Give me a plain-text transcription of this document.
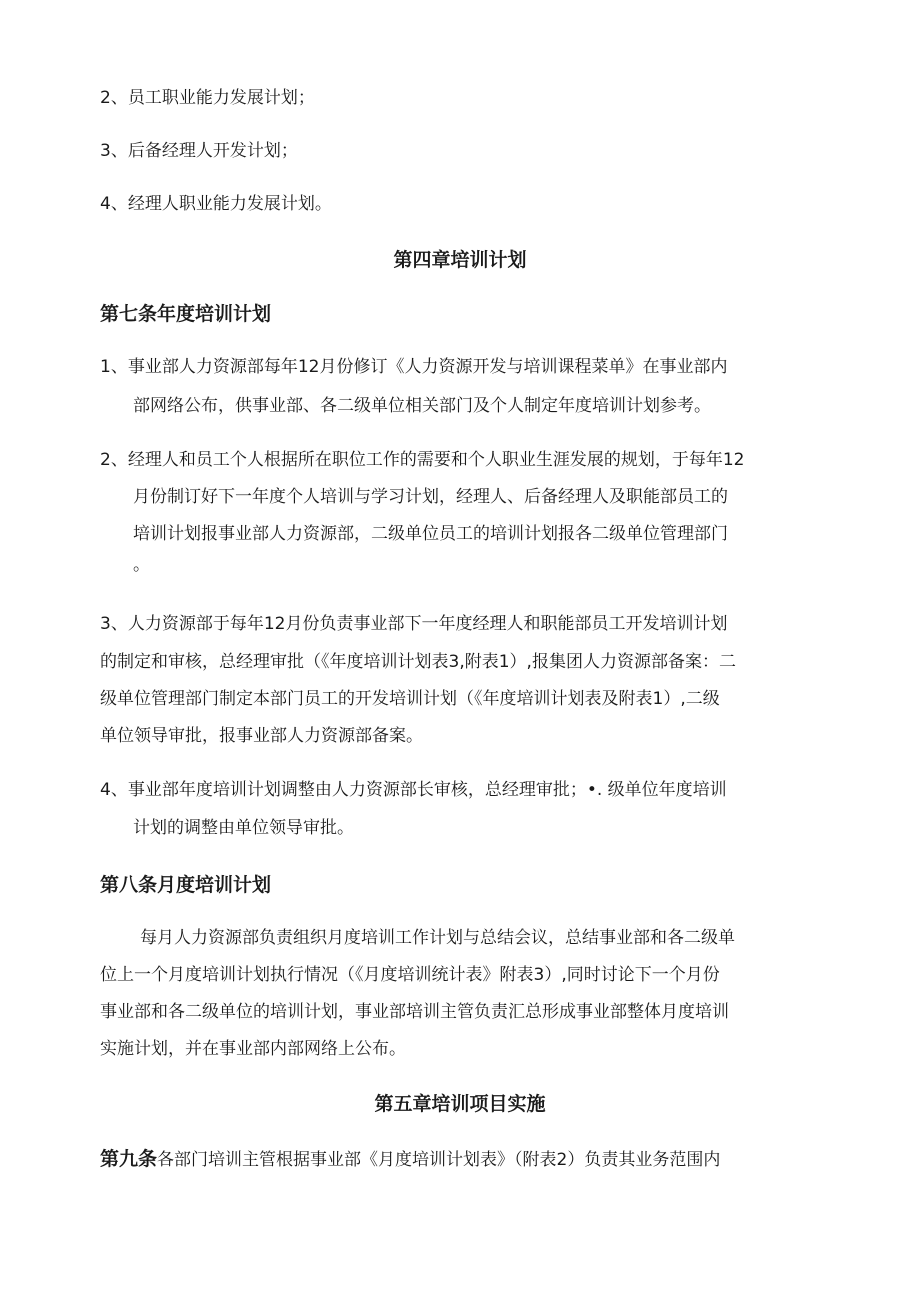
2、员工职业能力发展计划；
3、后备经理人开发计划；
4、经理人职业能力发展计划。
第四章培训计划
第七条年度培训计划
1、事业部人力资源部每年12月份修订《人力资源开发与培训课程菜单》在事业部内
部网络公布，供事业部、各二级单位相关部门及个人制定年度培训计划参考。
2、经理人和员工个人根据所在职位工作的需要和个人职业生涯发展的规划，于每年12
月份制订好下一年度个人培训与学习计划，经理人、后备经理人及职能部员工的
培训计划报事业部人力资源部，二级单位员工的培训计划报各二级单位管理部门
。
3、人力资源部于每年12月份负责事业部下一年度经理人和职能部员工开发培训计划
的制定和审核，总经理审批（《年度培训计划表3,附表1）,报集团人力资源部备案：二
级单位管理部门制定本部门员工的开发培训计划（《年度培训计划表及附表1）,二级
单位领导审批，报事业部人力资源部备案。
4、事业部年度培训计划调整由人力资源部长审核，总经理审批；•. 级单位年度培训
计划的调整由单位领导审批。
第八条月度培训计划
每月人力资源部负责组织月度培训工作计划与总结会议，总结事业部和各二级单
位上一个月度培训计划执行情况（《月度培训统计表》附表3）,同时讨论下一个月份
事业部和各二级单位的培训计划，事业部培训主管负责汇总形成事业部整体月度培训
实施计划，并在事业部内部网络上公布。
第五章培训项目实施
第九条各部门培训主管根据事业部《月度培训计划表》（附表2）负责其业务范围内
